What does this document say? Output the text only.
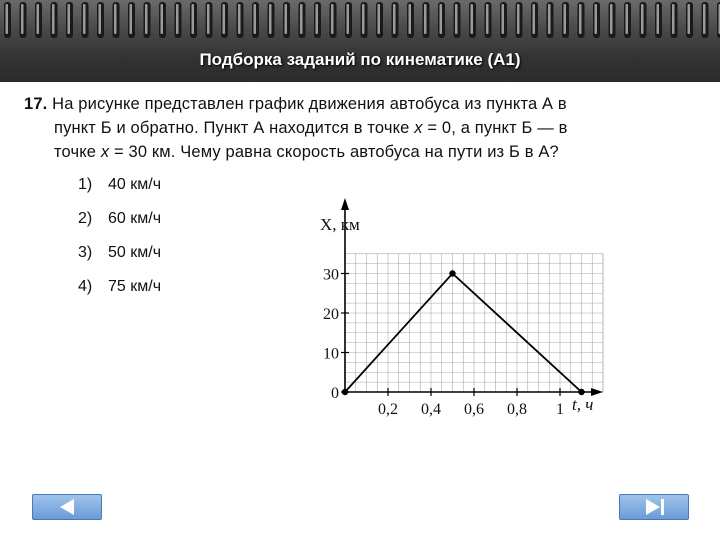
Подборка заданий по кинематике (А1)
17. На рисунке представлен график движения автобуса из пункта А в
пункт Б и обратно. Пункт А находится в точке x = 0, а пункт Б — в
точке x = 30 км. Чему равна скорость автобуса на пути из Б в А?
1) 40 км/ч
2) 60 км/ч
3) 50 км/ч
4) 75 км/ч
X, км
t, ч
30
20
10
0
0,2 0,4 0,6 0,8 1
